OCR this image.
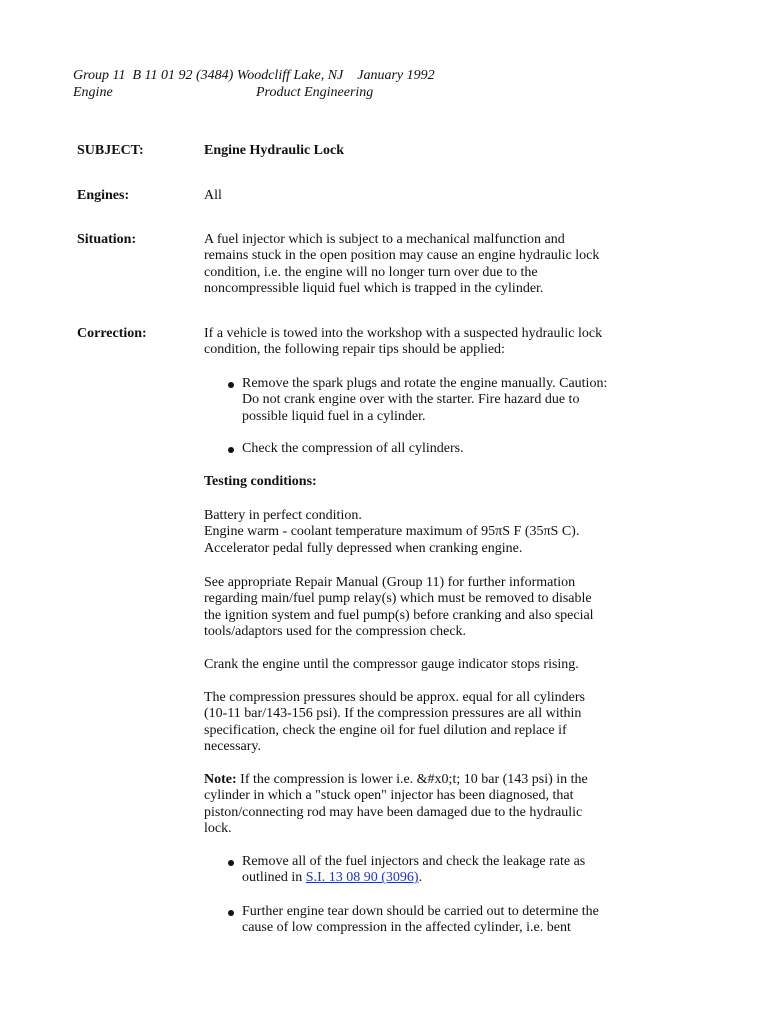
Group 11  B 11 01 92 (3484) Woodcliff Lake, NJ    January 1992
Engine	Product Engineering
SUBJECT:	Engine Hydraulic Lock
Engines:	All
Situation:	A fuel injector which is subject to a mechanical malfunction and
remains stuck in the open position may cause an engine hydraulic lock
condition, i.e. the engine will no longer turn over due to the
noncompressible liquid fuel which is trapped in the cylinder.
Correction:	If a vehicle is towed into the workshop with a suspected hydraulic lock
condition, the following repair tips should be applied:
Remove the spark plugs and rotate the engine manually. Caution:
Do not crank engine over with the starter. Fire hazard due to
possible liquid fuel in a cylinder.
Check the compression of all cylinders.
Testing conditions:
Battery in perfect condition.
Engine warm - coolant temperature maximum of 95πS F (35πS C).
Accelerator pedal fully depressed when cranking engine.
See appropriate Repair Manual (Group 11) for further information
regarding main/fuel pump relay(s) which must be removed to disable
the ignition system and fuel pump(s) before cranking and also special
tools/adaptors used for the compression check.
Crank the engine until the compressor gauge indicator stops rising.
The compression pressures should be approx. equal for all cylinders
(10-11 bar/143-156 psi). If the compression pressures are all within
specification, check the engine oil for fuel dilution and replace if
necessary.
Note: If the compression is lower i.e. &#x0;t; 10 bar (143 psi) in the
cylinder in which a "stuck open" injector has been diagnosed, that
piston/connecting rod may have been damaged due to the hydraulic
lock.
Remove all of the fuel injectors and check the leakage rate as
outlined in S.I. 13 08 90 (3096).
Further engine tear down should be carried out to determine the
cause of low compression in the affected cylinder, i.e. bent
